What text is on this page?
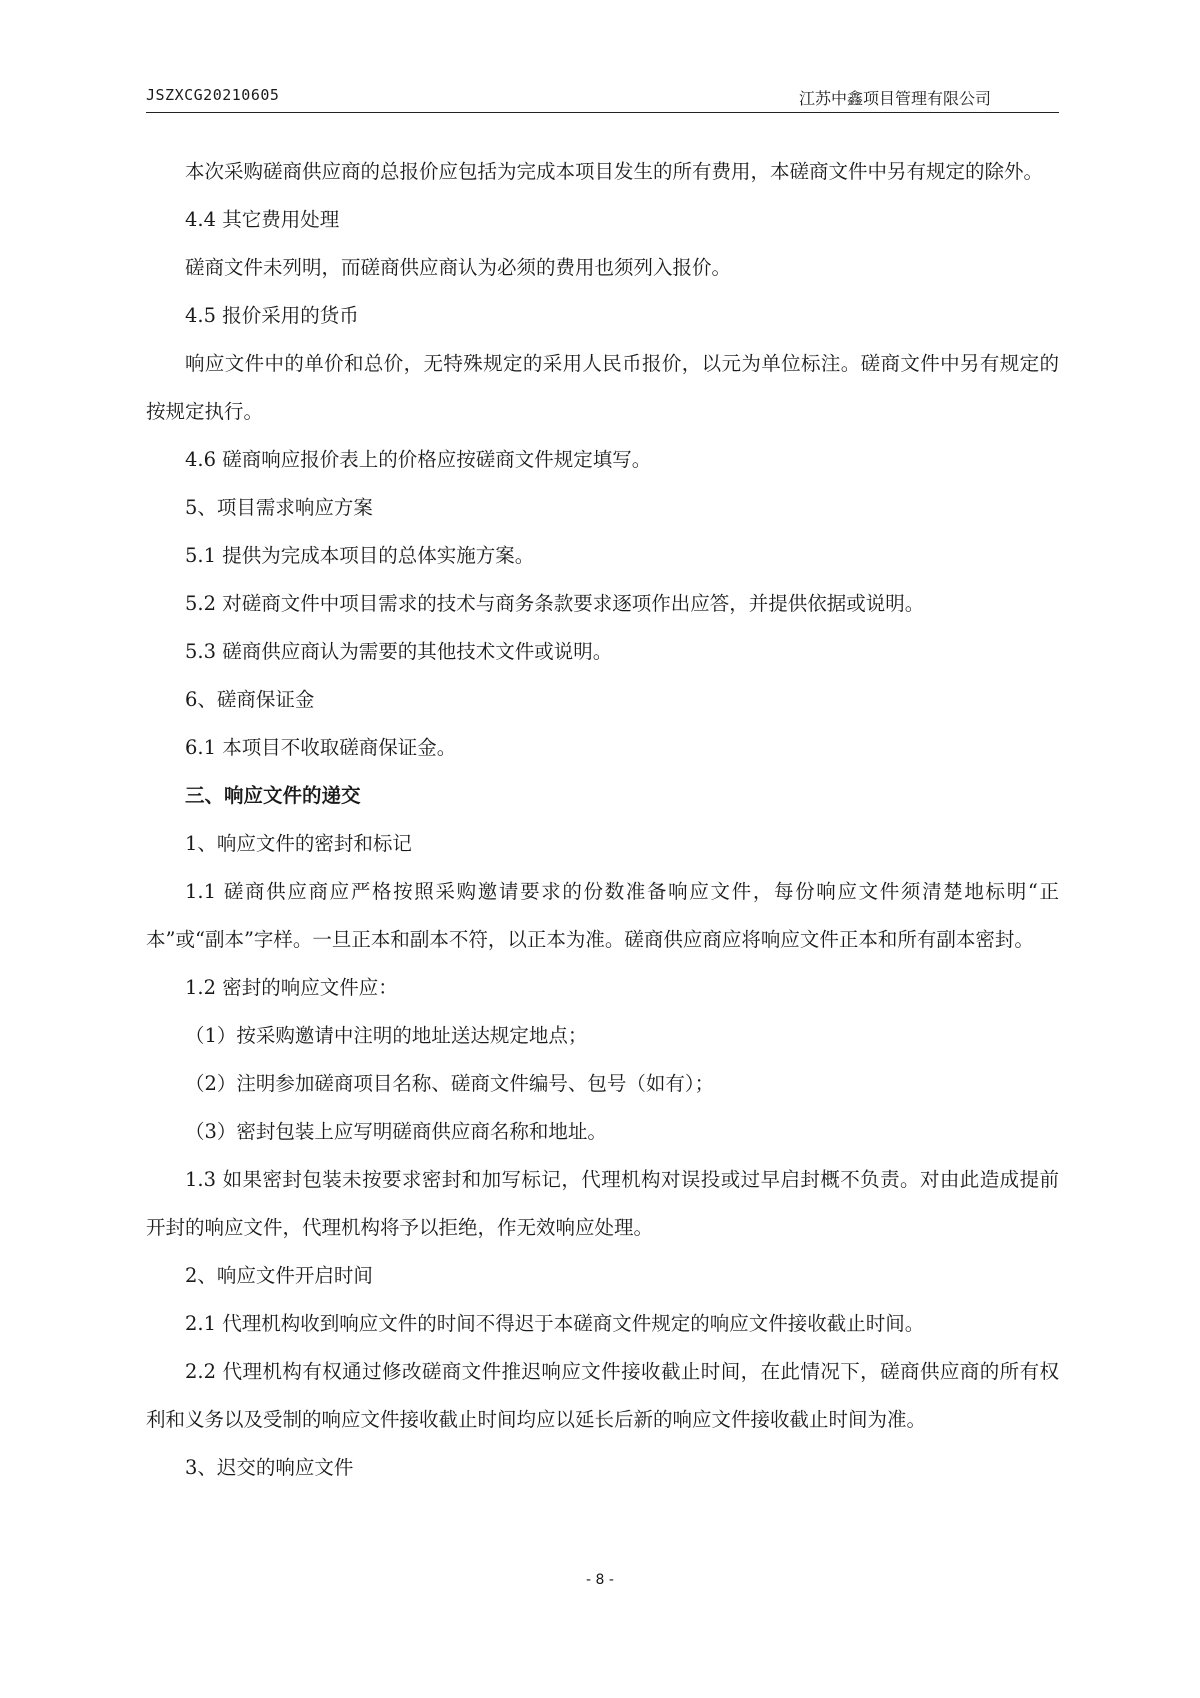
JSZXCG20210605	江苏中鑫项目管理有限公司
本次采购磋商供应商的总报价应包括为完成本项目发生的所有费用，本磋商文件中另有规定的除外。
4.4 其它费用处理
磋商文件未列明，而磋商供应商认为必须的费用也须列入报价。
4.5 报价采用的货币
响应文件中的单价和总价，无特殊规定的采用人民币报价，以元为单位标注。磋商文件中另有规定的按规定执行。
4.6 磋商响应报价表上的价格应按磋商文件规定填写。
5、项目需求响应方案
5.1 提供为完成本项目的总体实施方案。
5.2 对磋商文件中项目需求的技术与商务条款要求逐项作出应答，并提供依据或说明。
5.3 磋商供应商认为需要的其他技术文件或说明。
6、磋商保证金
6.1 本项目不收取磋商保证金。
三、响应文件的递交
1、响应文件的密封和标记
1.1 磋商供应商应严格按照采购邀请要求的份数准备响应文件，每份响应文件须清楚地标明“正本”或“副本”字样。一旦正本和副本不符，以正本为准。磋商供应商应将响应文件正本和所有副本密封。
1.2 密封的响应文件应：
（1）按采购邀请中注明的地址送达规定地点；
（2）注明参加磋商项目名称、磋商文件编号、包号（如有）；
（3）密封包装上应写明磋商供应商名称和地址。
1.3 如果密封包装未按要求密封和加写标记，代理机构对误投或过早启封概不负责。对由此造成提前开封的响应文件，代理机构将予以拒绝，作无效响应处理。
2、响应文件开启时间
2.1 代理机构收到响应文件的时间不得迟于本磋商文件规定的响应文件接收截止时间。
2.2 代理机构有权通过修改磋商文件推迟响应文件接收截止时间，在此情况下，磋商供应商的所有权利和义务以及受制的响应文件接收截止时间均应以延长后新的响应文件接收截止时间为准。
3、迟交的响应文件
- 8 -
